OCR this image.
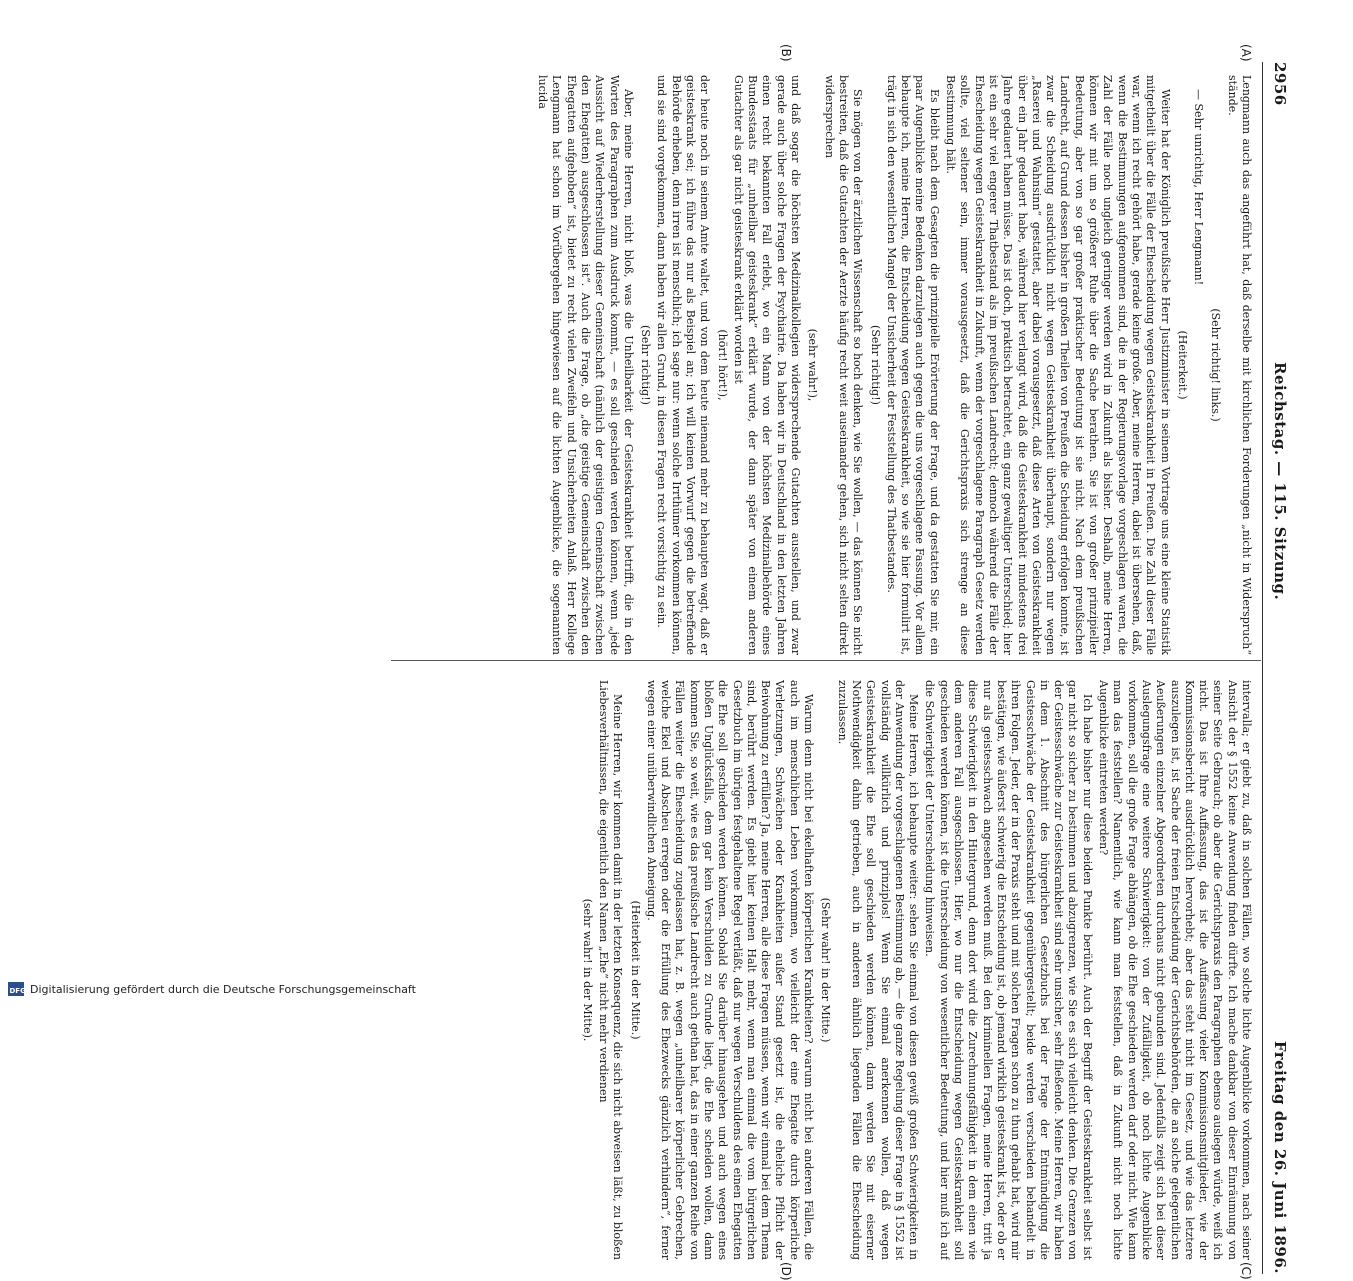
2956
Reichstag. — 115. Sitzung.
Freitag den 26. Juni 1896.
(A)
(B)
(C)
(D)

Lengmann auch das angeführt hat, daß derselbe mit kirchlichen Forderungen „nicht in Widerspruch“ stände.

(Sehr richtig! links.)

— Sehr unrichtig, Herr Lengmann!

(Heiterkeit.)

Weiter hat der Königlich preußische Herr Justizminister in seinem Vortrage uns eine kleine Statistik mitgetheilt über die Fälle der Ehescheidung wegen Geisteskrankheit in Preußen. Die Zahl dieser Fälle war, wenn ich recht gehört habe, gerade keine große. Aber, meine Herren, dabei ist übersehen, daß, wenn die Bestimmungen aufgenommen sind, die in der Regierungsvorlage vorgeschlagen waren, die Zahl der Fälle noch ungleich geringer werden wird in Zukunft als bisher. Deshalb, meine Herren, können wir mit um so größerer Ruhe über die Sache berathen. Sie ist von großer prinzipieller Bedeutung, aber von so gar großer praktischer Bedeutung ist sie nicht. Nach dem preußischen Landrecht, auf Grund dessen bisher in großen Theilen von Preußen die Scheidung erfolgen konnte, ist zwar die Scheidung ausdrücklich nicht wegen Geisteskrankheit überhaupt, sondern nur wegen „Raserei und Wahnsinn“ gestattet, aber dabei vorausgesetzt, daß diese Arten von Geisteskrankheit über ein Jahr gedauert habe, während hier verlangt wird, daß die Geisteskrankheit mindestens drei Jahre gedauert haben müsse. Das ist doch, praktisch betrachtet, ein ganz gewaltiger Unterschied; hier ist ein sehr viel engerer Thatbestand als im preußischen Landrecht; dennoch während die Fälle der Ehescheidung wegen Geisteskrankheit in Zukunft, wenn der vorgeschlagene Paragraph Gesetz werden sollte, viel seltener sein, immer vorausgesetzt, daß die Gerichtspraxis sich strenge an diese Bestimmung hält.

Es bleibt nach dem Gesagten die prinzipielle Erörterung der Frage, und da gestatten Sie mir, ein paar Augenblicke meine Bedenken darzulegen auch gegen die uns vorgeschlagene Fassung. Vor allem behaupte ich, meine Herren, die Entscheidung wegen Geisteskrankheit, so wie sie hier formulirt ist, trägt in sich den wesentlichen Mangel der Unsicherheit der Feststellung des Thatbestandes.

(Sehr richtig!)

Sie mögen von der ärztlichen Wissenschaft so hoch denken, wie Sie wollen, — das können Sie nicht bestreiten, daß die Gutachten der Aerzte häufig recht weit auseinander gehen, sich nicht selten direkt widersprechen

(sehr wahr!),

und daß sogar die höchsten Medizinalkollegien widersprechende Gutachten ausstellen, und zwar gerade auch über solche Fragen der Psychiatrie. Da haben wir in Deutschland in den letzten Jahren einen recht bekannten Fall erlebt, wo ein Mann von der höchsten Medizinalbehörde eines Bundesstaats für „unheilbar geisteskrank“ erklärt wurde, der dann später von einem anderen Gutachter als gar nicht geisteskrank erklärt worden ist

(hört! hört!),

der heute noch in seinem Amte waltet, und von dem heute niemand mehr zu behaupten wagt, daß er geisteskrank sei; ich führe das nur als Beispiel an; ich will keinen Vorwurf gegen die betreffende Behörde erheben, denn irren ist menschlich; ich sage nur: wenn solche Irrthümer vorkommen können, und sie sind vorgekommen, dann haben wir allen Grund, in diesen Fragen recht vorsichtig zu sein.

(Sehr richtig!)

Aber, meine Herren, nicht bloß, was die Unheilbarkeit der Geisteskrankheit betrifft, die in den Worten des Paragraphen zum Ausdruck kommt, — es soll geschieden werden können, wenn „jede Aussicht auf Wiederherstellung dieser Gemeinschaft (nämlich der geistigen Gemeinschaft zwischen den Ehegatten) ausgeschlossen ist“. Auch die Frage, ob „die geistige Gemeinschaft zwischen den Ehegatten aufgehoben“ ist, bietet zu recht vielen Zweifeln und Unsicherheiten Anlaß. Herr Kollege Lengmann hat schon im Vorübergehen hingewiesen auf die lichten Augenblicke, die sogenannten lucida

intervalla; er giebt zu, daß in solchen Fällen, wo solche lichte Augenblicke vorkommen, nach seiner Ansicht der § 1552 keine Anwendung finden dürfte. Ich mache dankbar von dieser Einräumung von seiner Seite Gebrauch; ob aber die Gerichtspraxis den Paragraphen ebenso auslegen würde, weiß ich nicht. Das ist Ihre Auffassung, das ist die Auffassung vieler Kommissionsmitglieder, wie der Kommissionsbericht ausdrücklich hervorhebt; aber das steht nicht im Gesetz, und wie das letztere auszulegen ist, ist Sache der freien Entscheidung der Gerichtsbehörden, die an solche gelegentlichen Aeußerungen einzelner Abgeordneten durchaus nicht gebunden sind. Jedenfalls zeigt sich bei dieser Auslegungsfrage eine weitere Schwierigkeit: von der Zufälligkeit, ob noch lichte Augenblicke vorkommen, soll die große Frage abhängen, ob die Ehe geschieden werden darf oder nicht. Wie kann man das feststellen? Namentlich, wie kann man feststellen, daß in Zukunft nicht noch lichte Augenblicke eintreten werden?

Ich habe bisher nur diese beiden Punkte berührt. Auch der Begriff der Geisteskrankheit selbst ist gar nicht so sicher zu bestimmen und abzugrenzen, wie Sie es sich vielleicht denken. Die Grenzen von der Geistesschwäche zur Geisteskrankheit sind sehr unsicher, sehr fließende. Meine Herren, wir haben in dem 1. Abschnitt des bürgerlichen Gesetzbuchs bei der Frage der Entmündigung die Geistesschwäche der Geisteskrankheit gegenübergestellt; beide werden verschieden behandelt in ihren Folgen. Jeder, der in der Praxis steht und mit solchen Fragen schon zu thun gehabt hat, wird mir bestätigen, wie äußerst schwierig die Entscheidung ist, ob jemand wirklich geisteskrank ist, oder ob er nur als geistesschwach angesehen werden muß. Bei den kriminellen Fragen, meine Herren, tritt ja diese Schwierigkeit in den Hintergrund, denn dort wird die Zurechnungsfähigkeit in dem einen wie dem anderen Fall ausgeschlossen. Hier, wo nur die Entscheidung wegen Geisteskrankheit soll geschieden werden können, ist die Unterscheidung von wesentlicher Bedeutung, und hier muß ich auf die Schwierigkeit der Unterscheidung hinweisen.

Meine Herren, ich behaupte weiter: sehen Sie einmal von diesen gewiß großen Schwierigkeiten in der Anwendung der vorgeschlagenen Bestimmung ab, — die ganze Regelung dieser Frage in § 1552 ist vollständig willkürlich und prinziplos! Wenn Sie einmal anerkennen wollen, daß wegen Geisteskrankheit die Ehe soll geschieden werden können, dann werden Sie mit eiserner Nothwendigkeit dahin getrieben, auch in anderen ähnlich liegenden Fällen die Ehescheidung zuzulassen.

(Sehr wahr! in der Mitte.)

Warum denn nicht bei ekelhaften körperlichen Krankheiten? warum nicht bei anderen Fällen, die auch im menschlichen Leben vorkommen, wo vielleicht der eine Ehegatte durch körperliche Verletzungen, Schwächen oder Krankheiten außer Stand gesetzt ist, die eheliche Pflicht der Beiwohnung zu erfüllen? Ja, meine Herren, alle diese Fragen müssen, wenn wir einmal bei dem Thema sind, berührt werden. Es giebt hier keinen Halt mehr, wenn man einmal die vom bürgerlichen Gesetzbuch im übrigen festgehaltene Regel verläßt, daß nur wegen Verschuldens des einen Ehegatten die Ehe soll geschieden werden können. Sobald Sie darüber hinausgehen und auch wegen eines bloßen Unglücksfalls, dem gar kein Verschulden zu Grunde liegt, die Ehe scheiden wollen, dann kommen Sie, so weit, wie es das preußische Landrecht auch gethan hat, das in einer ganzen Reihe von Fällen weiter die Ehescheidung zugelassen hat, z. B. wegen „unheilbarer körperlicher Gebrechen, welche Ekel und Abscheu erregen oder die Erfüllung des Ehezwecks gänzlich verhindern“, ferner wegen einer unüberwindlichen Abneigung.

(Heiterkeit in der Mitte.)

Meine Herren, wir kommen damit in der letzten Konsequenz, die sich nicht abweisen läßt, zu bloßen Liebesverhältnissen, die eigentlich den Namen „Ehe“ nicht mehr verdienen

(sehr wahr! in der Mitte).

DFG Digitalisierung gefördert durch die Deutsche Forschungsgemeinschaft
